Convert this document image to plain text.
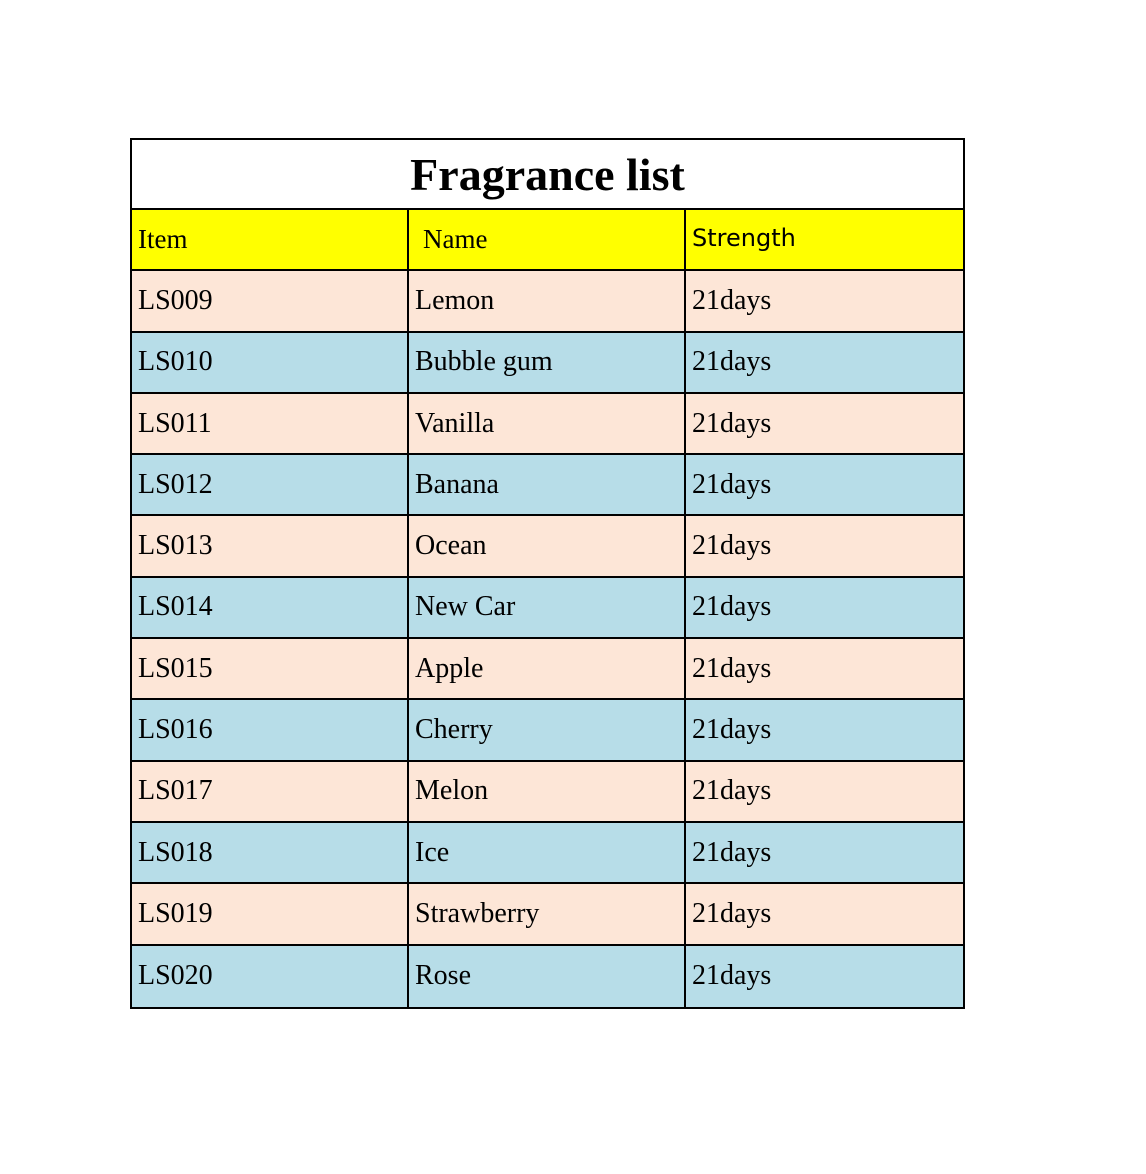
Fragrance list
Item	Name	Strength
LS009	Lemon	21days
LS010	Bubble gum	21days
LS011	Vanilla	21days
LS012	Banana	21days
LS013	Ocean	21days
LS014	New Car	21days
LS015	Apple	21days
LS016	Cherry	21days
LS017	Melon	21days
LS018	Ice	21days
LS019	Strawberry	21days
LS020	Rose	21days
